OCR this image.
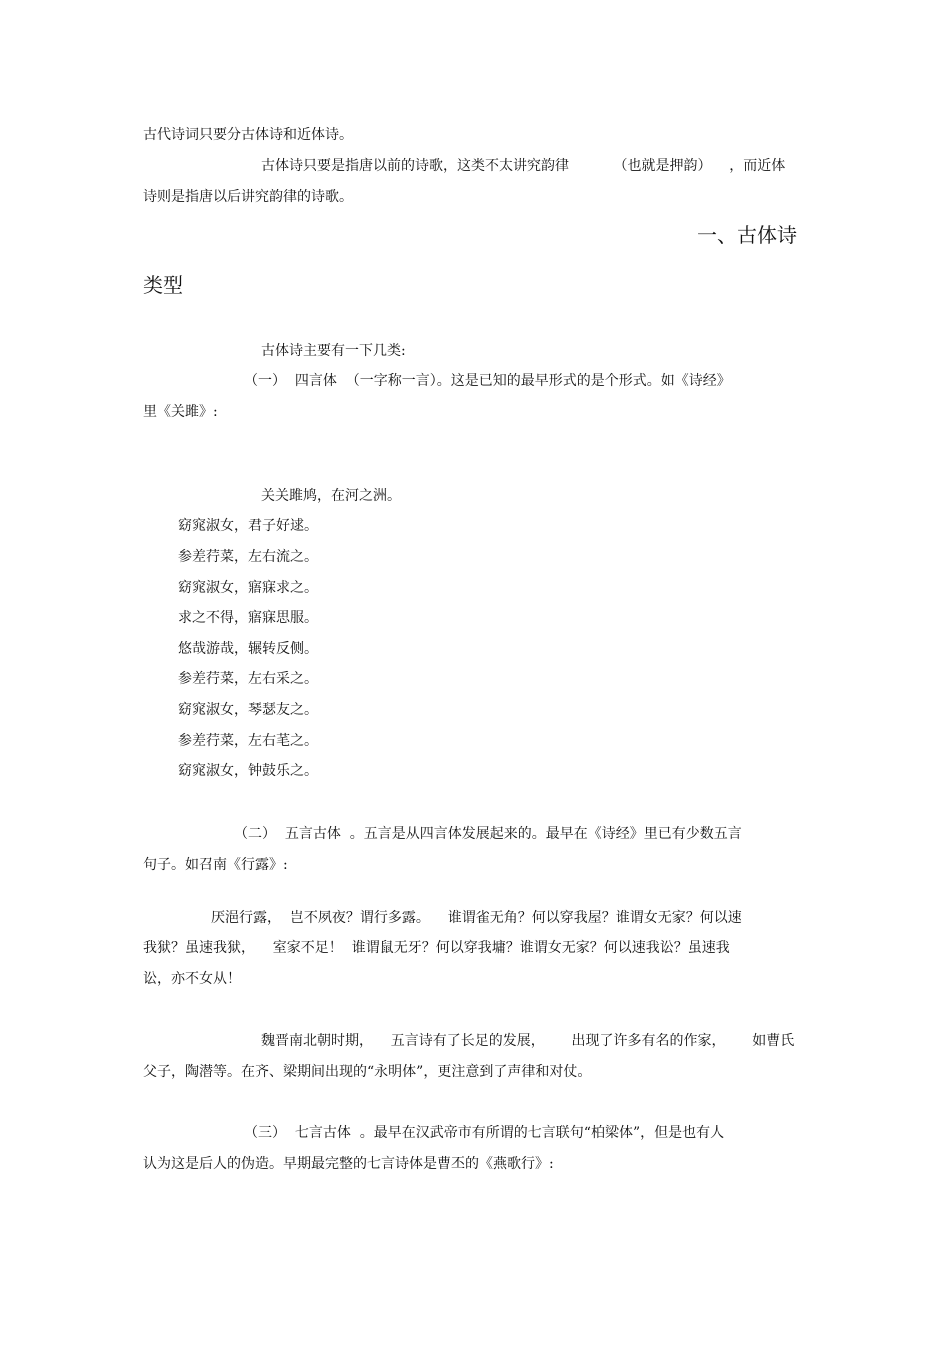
古代诗词只要分古体诗和近体诗。
古体诗只要是指唐以前的诗歌，这类不太讲究韵律          （也就是押韵）    ，而近体
诗则是指唐以后讲究韵律的诗歌。
一、古体诗
类型
古体诗主要有一下几类:
（一）  四言体  （一字称一言）。这是已知的最早形式的是个形式。如《诗经》
里《关雎》:
关关雎鸠，在河之洲。
窈窕淑女，君子好逑。
参差荇菜，左右流之。
窈窕淑女，寤寐求之。
求之不得，寤寐思服。
悠哉游哉，辗转反侧。
参差荇菜，左右采之。
窈窕淑女，琴瑟友之。
参差荇菜，左右芼之。
窈窕淑女，钟鼓乐之。
（二）  五言古体  。五言是从四言体发展起来的。最早在《诗经》里已有少数五言
句子。如召南《行露》:
厌浥行露，  岂不夙夜？谓行多露。    谁谓雀无角？何以穿我屋？谁谓女无家？何以速
我狱？虽速我狱，    室家不足！  谁谓鼠无牙？何以穿我墉？谁谓女无家？何以速我讼？虽速我
讼，亦不女从！
魏晋南北朝时期，    五言诗有了长足的发展，      出现了许多有名的作家，      如曹氏
父子，陶潜等。在齐、梁期间出现的“永明体”，更注意到了声律和对仗。
（三）  七言古体  。最早在汉武帝市有所谓的七言联句“柏梁体”，但是也有人
认为这是后人的伪造。早期最完整的七言诗体是曹丕的《燕歌行》:
